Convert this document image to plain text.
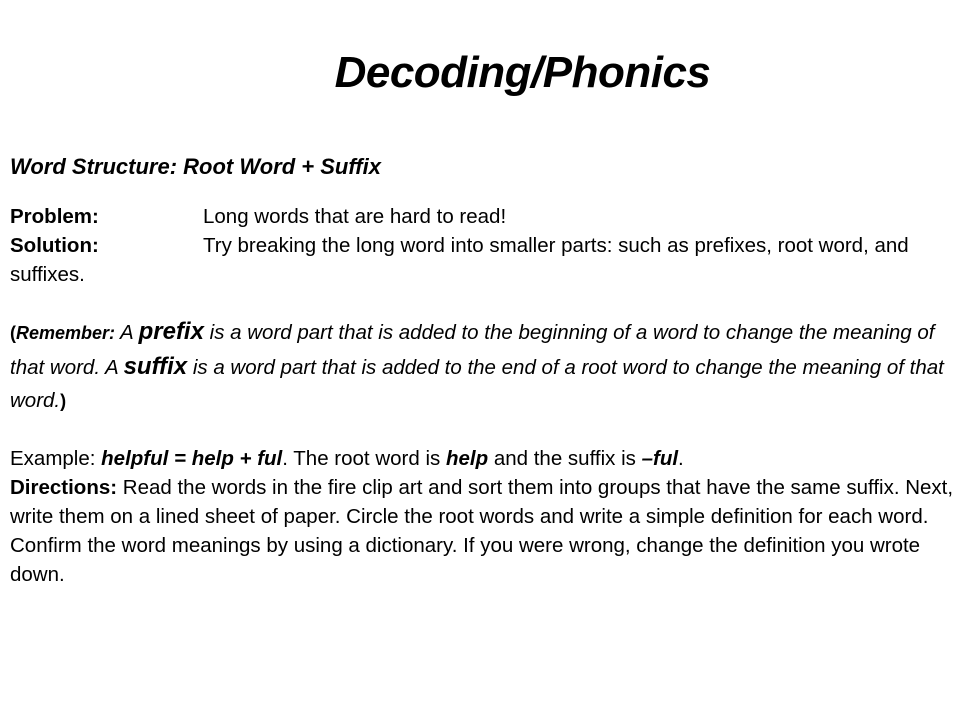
Decoding/Phonics
Word Structure: Root Word + Suffix

Problem:	Long words that are hard to read!

Solution:	Try breaking the long word into smaller parts: such as prefixes, root word, and suffixes.

(Remember: A prefix is a word part that is added to the beginning of a word to change the meaning of that word. A suffix is a word part that is added to the end of a root word to change the meaning of that word.)

Example: helpful = help + ful. The root word is help and the suffix is –ful.

Directions: Read the words in the fire clip art and sort them into groups that have the same suffix. Next, write them on a lined sheet of paper. Circle the root words and write a simple definition for each word. Confirm the word meanings by using a dictionary. If you were wrong, change the definition you wrote down.
